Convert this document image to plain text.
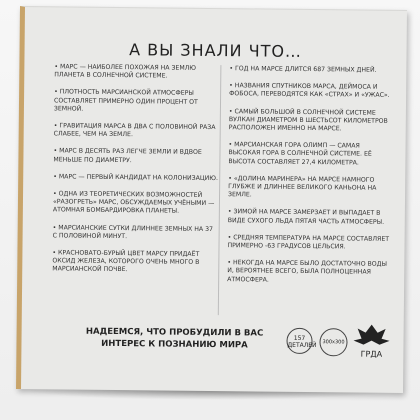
А ВЫ ЗНАЛИ ЧТО…
• МАРС — НАИБОЛЕЕ ПОХОЖАЯ НА ЗЕМЛЮ ПЛАНЕТА В СОЛНЕЧНОЙ СИСТЕМЕ.
• ПЛОТНОСТЬ МАРСИАНСКОЙ АТМОСФЕРЫ СОСТАВЛЯЕТ ПРИМЕРНО ОДИН ПРОЦЕНТ ОТ ЗЕМНОЙ.
• ГРАВИТАЦИЯ МАРСА В ДВА С ПОЛОВИНОЙ РАЗА СЛАБЕЕ, ЧЕМ НА ЗЕМЛЕ.
• МАРС В ДЕСЯТЬ РАЗ ЛЕГЧЕ ЗЕМЛИ И ВДВОЕ МЕНЬШЕ ПО ДИАМЕТРУ.
• МАРС — ПЕРВЫЙ КАНДИДАТ НА КОЛОНИЗАЦИЮ.
• ОДНА ИЗ ТЕОРЕТИЧЕСКИХ ВОЗМОЖНОСТЕЙ «РАЗОГРЕТЬ» МАРС, ОБСУЖДАЕМЫХ УЧЁНЫМИ — АТОМНАЯ БОМБАРДИРОВКА ПЛАНЕТЫ.
• МАРСИАНСКИЕ СУТКИ ДЛИННЕЕ ЗЕМНЫХ НА 37 С ПОЛОВИНОЙ МИНУТ.
• КРАСНОВАТО-БУРЫЙ ЦВЕТ МАРСУ ПРИДАЁТ ОКСИД ЖЕЛЕЗА, КОТОРОГО ОЧЕНЬ МНОГО В МАРСИАНСКОЙ ПОЧВЕ.
• ГОД НА МАРСЕ ДЛИТСЯ 687 ЗЕМНЫХ ДНЕЙ.
• НАЗВАНИЯ СПУТНИКОВ МАРСА, ДЕЙМОСА И ФОБОСА, ПЕРЕВОДЯТСЯ КАК «СТРАХ» И «УЖАС».
• САМЫЙ БОЛЬШОЙ В СОЛНЕЧНОЙ СИСТЕМЕ ВУЛКАН ДИАМЕТРОМ В ШЕСТЬСОТ КИЛОМЕТРОВ РАСПОЛОЖЕН ИМЕННО НА МАРСЕ.
• МАРСИАНСКАЯ ГОРА ОЛИМП — САМАЯ ВЫСОКАЯ ГОРА В СОЛНЕЧНОЙ СИСТЕМЕ. ЕЁ ВЫСОТА СОСТАВЛЯЕТ 27,4 КИЛОМЕТРА.
• «ДОЛИНА МАРИНЕРА» НА МАРСЕ НАМНОГО ГЛУБЖЕ И ДЛИННЕЕ ВЕЛИКОГО КАНЬОНА НА ЗЕМЛЕ.
• ЗИМОЙ НА МАРСЕ ЗАМЕРЗАЕТ И ВЫПАДАЕТ В ВИДЕ СУХОГО ЛЬДА ПЯТАЯ ЧАСТЬ АТМОСФЕРЫ.
• СРЕДНЯЯ ТЕМПЕРАТУРА НА МАРСЕ СОСТАВЛЯЕТ ПРИМЕРНО -63 ГРАДУСОВ ЦЕЛЬСИЯ.
• НЕКОГДА НА МАРСЕ БЫЛО ДОСТАТОЧНО ВОДЫ И, ВЕРОЯТНЕЕ ВСЕГО, БЫЛА ПОЛНОЦЕННАЯ АТМОСФЕРА.
НАДЕЕМСЯ, ЧТО ПРОБУДИЛИ В ВАС ИНТЕРЕС К ПОЗНАНИЮ МИРА
157
ДЕТАЛЕЙ	300x300
ГРДА
